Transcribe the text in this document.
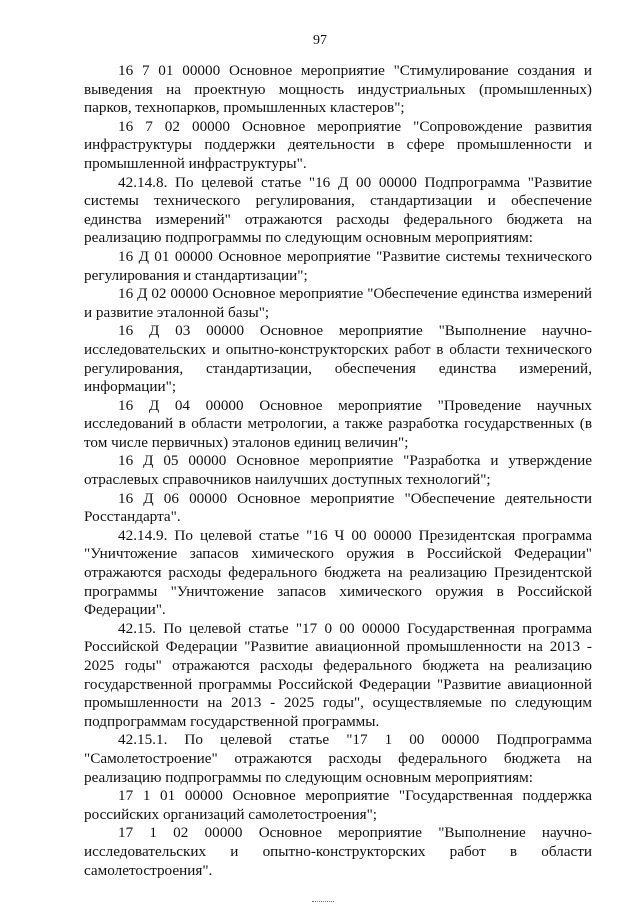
97

16 7 01 00000 Основное мероприятие "Стимулирование создания и выведения на проектную мощность индустриальных (промышленных) парков, технопарков, промышленных кластеров";

16 7 02 00000 Основное мероприятие "Сопровождение развития инфраструктуры поддержки деятельности в сфере промышленности и промышленной инфраструктуры".

42.14.8. По целевой статье "16 Д 00 00000 Подпрограмма "Развитие системы технического регулирования, стандартизации и обеспечение единства измерений" отражаются расходы федерального бюджета на реализацию подпрограммы по следующим основным мероприятиям:

16 Д 01 00000 Основное мероприятие "Развитие системы технического регулирования и стандартизации";

16 Д 02 00000 Основное мероприятие "Обеспечение единства измерений и развитие эталонной базы";

16 Д 03 00000 Основное мероприятие "Выполнение научно-исследовательских и опытно-конструкторских работ в области технического регулирования, стандартизации, обеспечения единства измерений, информации";

16 Д 04 00000 Основное мероприятие "Проведение научных исследований в области метрологии, а также разработка государственных (в том числе первичных) эталонов единиц величин";

16 Д 05 00000 Основное мероприятие "Разработка и утверждение отраслевых справочников наилучших доступных технологий";

16 Д 06 00000 Основное мероприятие "Обеспечение деятельности Росстандарта".

42.14.9. По целевой статье "16 Ч 00 00000 Президентская программа "Уничтожение запасов химического оружия в Российской Федерации" отражаются расходы федерального бюджета на реализацию Президентской программы "Уничтожение запасов химического оружия в Российской Федерации".

42.15. По целевой статье "17 0 00 00000 Государственная программа Российской Федерации "Развитие авиационной промышленности на 2013 - 2025 годы" отражаются расходы федерального бюджета на реализацию государственной программы Российской Федерации "Развитие авиационной промышленности на 2013 - 2025 годы", осуществляемые по следующим подпрограммам государственной программы.

42.15.1. По целевой статье "17 1 00 00000 Подпрограмма "Самолетостроение" отражаются расходы федерального бюджета на реализацию подпрограммы по следующим основным мероприятиям:

17 1 01 00000 Основное мероприятие "Государственная поддержка российских организаций самолетостроения";

17 1 02 00000 Основное мероприятие "Выполнение научно-исследовательских и опытно-конструкторских работ в области самолетостроения".
